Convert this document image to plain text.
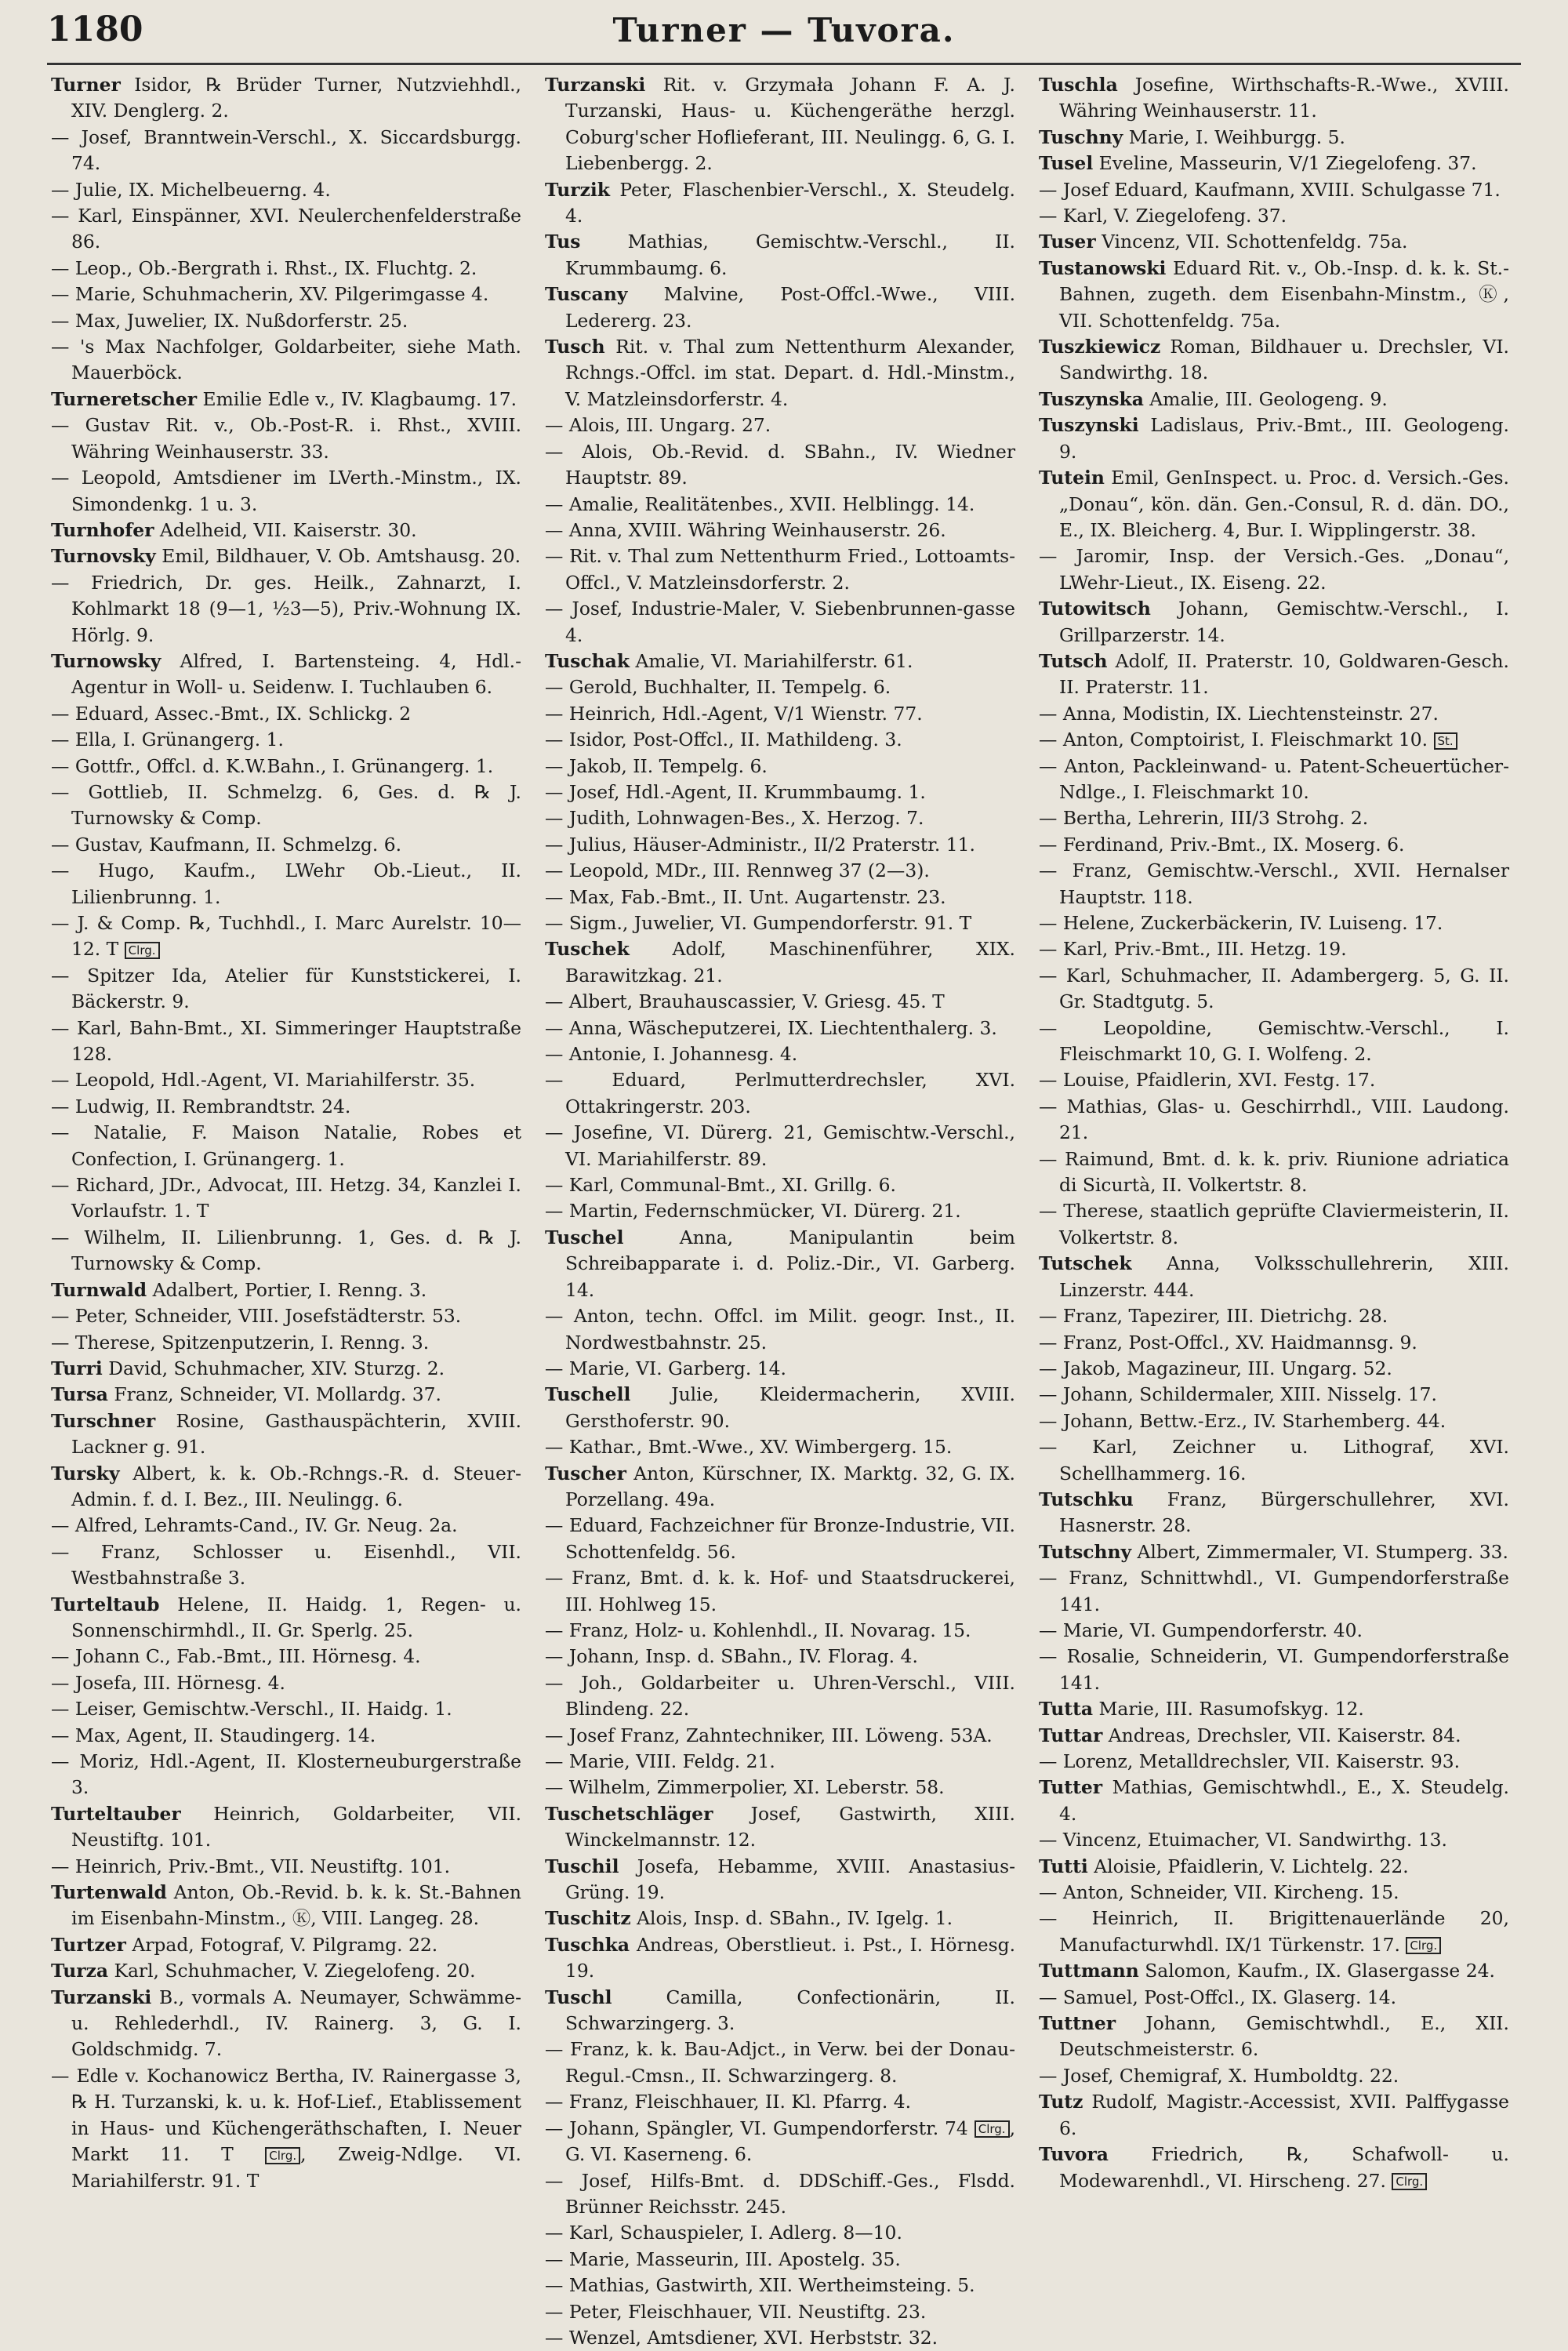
1180	Turner — Tuvora.
Turner Isidor, ℞ Brüder Turner, Nutzviehhdl., XIV. Denglerg. 2.
— Josef, Branntwein-Verschl., X. Siccardsburgg. 74.
— Julie, IX. Michelbeuerng. 4.
— Karl, Einspänner, XVI. Neulerchenfelderstraße 86.
— Leop., Ob.-Bergrath i. Rhst., IX. Fluchtg. 2.
— Marie, Schuhmacherin, XV. Pilgerimgasse 4.
— Max, Juwelier, IX. Nußdorferstr. 25.
— 's Max Nachfolger, Goldarbeiter, siehe Math. Mauerböck.
Turneretscher Emilie Edle v., IV. Klagbaumg. 17.
— Gustav Rit. v., Ob.-Post-R. i. Rhst., XVIII. Währing Weinhauserstr. 33.
— Leopold, Amtsdiener im LVerth.-Minstm., IX. Simondenkg. 1 u. 3.
Turnhofer Adelheid, VII. Kaiserstr. 30.
Turnovsky Emil, Bildhauer, V. Ob. Amtshausg. 20.
— Friedrich, Dr. ges. Heilk., Zahnarzt, I. Kohlmarkt 18 (9—1, ½3—5), Priv.-Wohnung IX. Hörlg. 9.
Turnowsky Alfred, I. Bartensteing. 4, Hdl.-Agentur in Woll- u. Seidenw. I. Tuchlauben 6.
— Eduard, Assec.-Bmt., IX. Schlickg. 2
— Ella, I. Grünangerg. 1.
— Gottfr., Offcl. d. K.W.Bahn., I. Grünangerg. 1.
— Gottlieb, II. Schmelzg. 6, Ges. d. ℞ J. Turnowsky & Comp.
— Gustav, Kaufmann, II. Schmelzg. 6.
— Hugo, Kaufm., LWehr Ob.-Lieut., II. Lilienbrunng. 1.
— J. & Comp. ℞, Tuchhdl., I. Marc Aurelstr. 10—12. T Clrg.
— Spitzer Ida, Atelier für Kunststickerei, I. Bäckerstr. 9.
— Karl, Bahn-Bmt., XI. Simmeringer Hauptstraße 128.
— Leopold, Hdl.-Agent, VI. Mariahilferstr. 35.
— Ludwig, II. Rembrandtstr. 24.
— Natalie, F. Maison Natalie, Robes et Confection, I. Grünangerg. 1.
— Richard, JDr., Advocat, III. Hetzg. 34, Kanzlei I. Vorlaufstr. 1. T
— Wilhelm, II. Lilienbrunng. 1, Ges. d. ℞ J. Turnowsky & Comp.
Turnwald Adalbert, Portier, I. Renng. 3.
— Peter, Schneider, VIII. Josefstädterstr. 53.
— Therese, Spitzenputzerin, I. Renng. 3.
Turri David, Schuhmacher, XIV. Sturzg. 2.
Tursa Franz, Schneider, VI. Mollardg. 37.
Turschner Rosine, Gasthauspächterin, XVIII. Lackner g. 91.
Tursky Albert, k. k. Ob.-Rchngs.-R. d. Steuer-Admin. f. d. I. Bez., III. Neulingg. 6.
— Alfred, Lehramts-Cand., IV. Gr. Neug. 2a.
— Franz, Schlosser u. Eisenhdl., VII. Westbahnstraße 3.
Turteltaub Helene, II. Haidg. 1, Regen- u. Sonnenschirmhdl., II. Gr. Sperlg. 25.
— Johann C., Fab.-Bmt., III. Hörnesg. 4.
— Josefa, III. Hörnesg. 4.
— Leiser, Gemischtw.-Verschl., II. Haidg. 1.
— Max, Agent, II. Staudingerg. 14.
— Moriz, Hdl.-Agent, II. Klosterneuburgerstraße 3.
Turteltauber Heinrich, Goldarbeiter, VII. Neustiftg. 101.
— Heinrich, Priv.-Bmt., VII. Neustiftg. 101.
Turtenwald Anton, Ob.-Revid. b. k. k. St.-Bahnen im Eisenbahn-Minstm., Ⓚ, VIII. Langeg. 28.
Turtzer Arpad, Fotograf, V. Pilgramg. 22.
Turza Karl, Schuhmacher, V. Ziegelofeng. 20.
Turzanski B., vormals A. Neumayer, Schwämme- u. Rehlederhdl., IV. Rainerg. 3, G. I. Goldschmidg. 7.
— Edle v. Kochanowicz Bertha, IV. Rainergasse 3, ℞ H. Turzanski, k. u. k. Hof-Lief., Etablissement in Haus- und Küchengeräthschaften, I. Neuer Markt 11. T Clrg. , Zweig-Ndlge. VI. Mariahilferstr. 91. T
Turzanski Rit. v. Grzymała Johann F. A. J. Turzanski, Haus- u. Küchengeräthe herzgl. Coburg'scher Hoflieferant, III. Neulingg. 6, G. I. Liebenbergg. 2.
Turzik Peter, Flaschenbier-Verschl., X. Steudelg. 4.
Tus Mathias, Gemischtw.-Verschl., II. Krummbaumg. 6.
Tuscany Malvine, Post-Offcl.-Wwe., VIII. Ledererg. 23.
Tusch Rit. v. Thal zum Nettenthurm Alexander, Rchngs.-Offcl. im stat. Depart. d. Hdl.-Minstm., V. Matzleinsdorferstr. 4.
— Alois, III. Ungarg. 27.
— Alois, Ob.-Revid. d. SBahn., IV. Wiedner Hauptstr. 89.
— Amalie, Realitätenbes., XVII. Helblingg. 14.
— Anna, XVIII. Währing Weinhauserstr. 26.
— Rit. v. Thal zum Nettenthurm Fried., Lottoamts-Offcl., V. Matzleinsdorferstr. 2.
— Josef, Industrie-Maler, V. Siebenbrunnen-gasse 4.
Tuschak Amalie, VI. Mariahilferstr. 61.
— Gerold, Buchhalter, II. Tempelg. 6.
— Heinrich, Hdl.-Agent, V/1 Wienstr. 77.
— Isidor, Post-Offcl., II. Mathildeng. 3.
— Jakob, II. Tempelg. 6.
— Josef, Hdl.-Agent, II. Krummbaumg. 1.
— Judith, Lohnwagen-Bes., X. Herzog. 7.
— Julius, Häuser-Administr., II/2 Praterstr. 11.
— Leopold, MDr., III. Rennweg 37 (2—3).
— Max, Fab.-Bmt., II. Unt. Augartenstr. 23.
— Sigm., Juwelier, VI. Gumpendorferstr. 91. T
Tuschek Adolf, Maschinenführer, XIX. Barawitzkag. 21.
— Albert, Brauhauscassier, V. Griesg. 45. T
— Anna, Wäscheputzerei, IX. Liechtenthalerg. 3.
— Antonie, I. Johannesg. 4.
— Eduard, Perlmutterdrechsler, XVI. Ottakringerstr. 203.
— Josefine, VI. Dürerg. 21, Gemischtw.-Verschl., VI. Mariahilferstr. 89.
— Karl, Communal-Bmt., XI. Grillg. 6.
— Martin, Federnschmücker, VI. Dürerg. 21.
Tuschel Anna, Manipulantin beim Schreibapparate i. d. Poliz.-Dir., VI. Garberg. 14.
— Anton, techn. Offcl. im Milit. geogr. Inst., II. Nordwestbahnstr. 25.
— Marie, VI. Garberg. 14.
Tuschell Julie, Kleidermacherin, XVIII. Gersthoferstr. 90.
— Kathar., Bmt.-Wwe., XV. Wimbergerg. 15.
Tuscher Anton, Kürschner, IX. Marktg. 32, G. IX. Porzellang. 49a.
— Eduard, Fachzeichner für Bronze-Industrie, VII. Schottenfeldg. 56.
— Franz, Bmt. d. k. k. Hof- und Staatsdruckerei, III. Hohlweg 15.
— Franz, Holz- u. Kohlenhdl., II. Novarag. 15.
— Johann, Insp. d. SBahn., IV. Florag. 4.
— Joh., Goldarbeiter u. Uhren-Verschl., VIII. Blindeng. 22.
— Josef Franz, Zahntechniker, III. Löweng. 53A.
— Marie, VIII. Feldg. 21.
— Wilhelm, Zimmerpolier, XI. Leberstr. 58.
Tuschetschläger Josef, Gastwirth, XIII. Winckelmannstr. 12.
Tuschil Josefa, Hebamme, XVIII. Anastasius-Grüng. 19.
Tuschitz Alois, Insp. d. SBahn., IV. Igelg. 1.
Tuschka Andreas, Oberstlieut. i. Pst., I. Hörnesg. 19.
Tuschl Camilla, Confectionärin, II. Schwarzingerg. 3.
— Franz, k. k. Bau-Adjct., in Verw. bei der Donau-Regul.-Cmsn., II. Schwarzingerg. 8.
— Franz, Fleischhauer, II. Kl. Pfarrg. 4.
— Johann, Spängler, VI. Gumpendorferstr. 74 Clrg. , G. VI. Kaserneng. 6.
— Josef, Hilfs-Bmt. d. DDSchiff.-Ges., Flsdd. Brünner Reichsstr. 245.
— Karl, Schauspieler, I. Adlerg. 8—10.
— Marie, Masseurin, III. Apostelg. 35.
— Mathias, Gastwirth, XII. Wertheimsteing. 5.
— Peter, Fleischhauer, VII. Neustiftg. 23.
— Wenzel, Amtsdiener, XVI. Herbststr. 32.
Tuschla Josefine, Wirthschafts-R.-Wwe., XVIII. Währing Weinhauserstr. 11.
Tuschny Marie, I. Weihburgg. 5.
Tusel Eveline, Masseurin, V/1 Ziegelofeng. 37.
— Josef Eduard, Kaufmann, XVIII. Schulgasse 71.
— Karl, V. Ziegelofeng. 37.
Tuser Vincenz, VII. Schottenfeldg. 75a.
Tustanowski Eduard Rit. v., Ob.-Insp. d. k. k. St.-Bahnen, zugeth. dem Eisenbahn-Minstm., Ⓚ, VII. Schottenfeldg. 75a.
Tuszkiewicz Roman, Bildhauer u. Drechsler, VI. Sandwirthg. 18.
Tuszynska Amalie, III. Geologeng. 9.
Tuszynski Ladislaus, Priv.-Bmt., III. Geologeng. 9.
Tutein Emil, GenInspect. u. Proc. d. Versich.-Ges. „Donau“, kön. dän. Gen.-Consul, R. d. dän. DO., E., IX. Bleicherg. 4, Bur. I. Wipplingerstr. 38.
— Jaromir, Insp. der Versich.-Ges. „Donau“, LWehr-Lieut., IX. Eiseng. 22.
Tutowitsch Johann, Gemischtw.-Verschl., I. Grillparzerstr. 14.
Tutsch Adolf, II. Praterstr. 10, Goldwaren-Gesch. II. Praterstr. 11.
— Anna, Modistin, IX. Liechtensteinstr. 27.
— Anton, Comptoirist, I. Fleischmarkt 10. St.
— Anton, Packleinwand- u. Patent-Scheuertücher-Ndlge., I. Fleischmarkt 10.
— Bertha, Lehrerin, III/3 Strohg. 2.
— Ferdinand, Priv.-Bmt., IX. Moserg. 6.
— Franz, Gemischtw.-Verschl., XVII. Hernalser Hauptstr. 118.
— Helene, Zuckerbäckerin, IV. Luiseng. 17.
— Karl, Priv.-Bmt., III. Hetzg. 19.
— Karl, Schuhmacher, II. Adambergerg. 5, G. II. Gr. Stadtgutg. 5.
— Leopoldine, Gemischtw.-Verschl., I. Fleischmarkt 10, G. I. Wolfeng. 2.
— Louise, Pfaidlerin, XVI. Festg. 17.
— Mathias, Glas- u. Geschirrhdl., VIII. Laudong. 21.
— Raimund, Bmt. d. k. k. priv. Riunione adriatica di Sicurtà, II. Volkertstr. 8.
— Therese, staatlich geprüfte Claviermeisterin, II. Volkertstr. 8.
Tutschek Anna, Volksschullehrerin, XIII. Linzerstr. 444.
— Franz, Tapezirer, III. Dietrichg. 28.
— Franz, Post-Offcl., XV. Haidmannsg. 9.
— Jakob, Magazineur, III. Ungarg. 52.
— Johann, Schildermaler, XIII. Nisselg. 17.
— Johann, Bettw.-Erz., IV. Starhemberg. 44.
— Karl, Zeichner u. Lithograf, XVI. Schellhammerg. 16.
Tutschku Franz, Bürgerschullehrer, XVI. Hasnerstr. 28.
Tutschny Albert, Zimmermaler, VI. Stumperg. 33.
— Franz, Schnittwhdl., VI. Gumpendorferstraße 141.
— Marie, VI. Gumpendorferstr. 40.
— Rosalie, Schneiderin, VI. Gumpendorferstraße 141.
Tutta Marie, III. Rasumofskyg. 12.
Tuttar Andreas, Drechsler, VII. Kaiserstr. 84.
— Lorenz, Metalldrechsler, VII. Kaiserstr. 93.
Tutter Mathias, Gemischtwhdl., E., X. Steudelg. 4.
— Vincenz, Etuimacher, VI. Sandwirthg. 13.
Tutti Aloisie, Pfaidlerin, V. Lichtelg. 22.
— Anton, Schneider, VII. Kircheng. 15.
— Heinrich, II. Brigittenauerlände 20, Manufacturwhdl. IX/1 Türkenstr. 17. Clrg.
Tuttmann Salomon, Kaufm., IX. Glasergasse 24.
— Samuel, Post-Offcl., IX. Glaserg. 14.
Tuttner Johann, Gemischtwhdl., E., XII. Deutschmeisterstr. 6.
— Josef, Chemigraf, X. Humboldtg. 22.
Tutz Rudolf, Magistr.-Accessist, XVII. Palffygasse 6.
Tuvora Friedrich, ℞, Schafwoll- u. Modewarenhdl., VI. Hirscheng. 27. Clrg.
